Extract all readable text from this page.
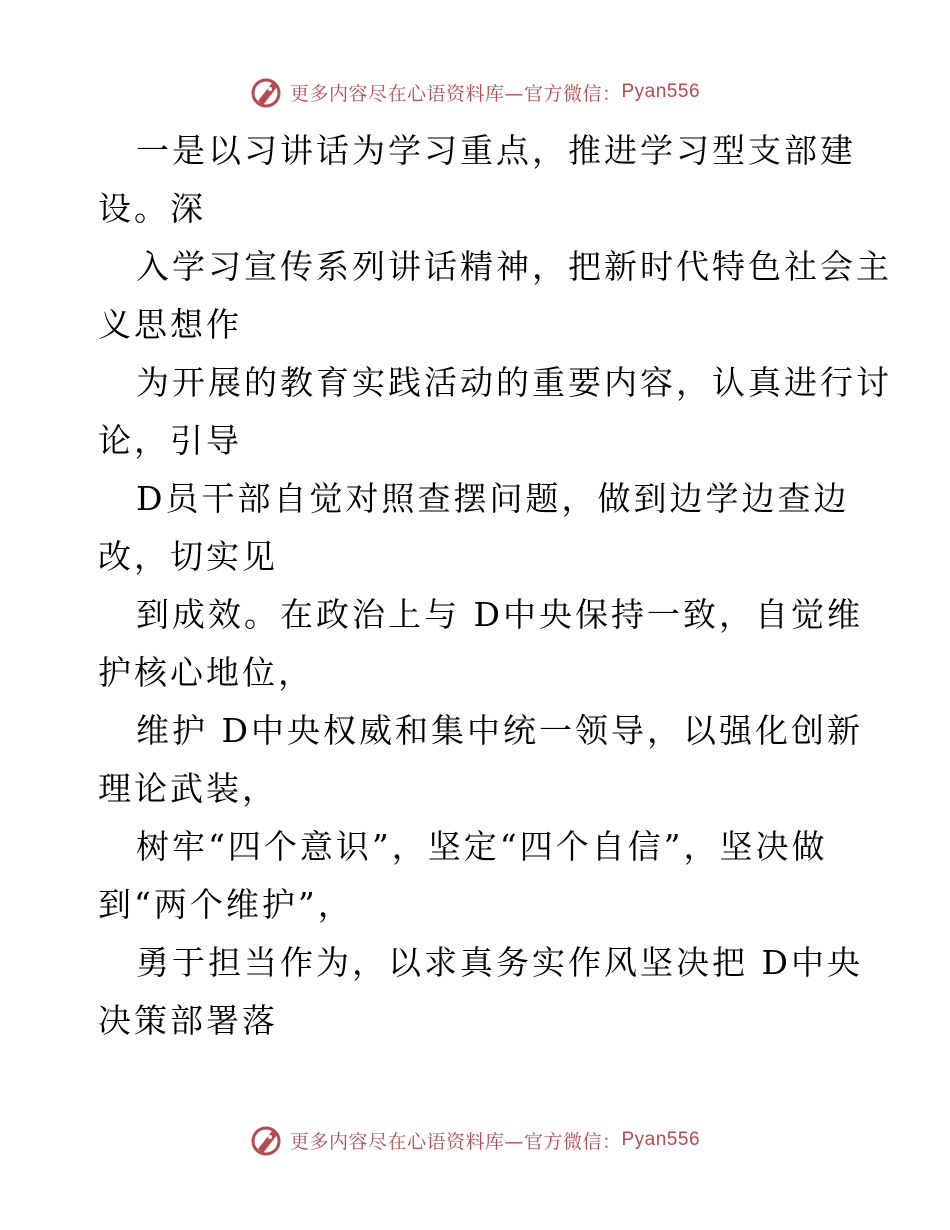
更多内容尽在心语资料库—官方微信： Pyan556
一是以习讲话为学习重点，推进学习型支部建
设。深
入学习宣传系列讲话精神，把新时代特色社会主
义思想作
为开展的教育实践活动的重要内容，认真进行讨
论，引导
D员干部自觉对照查摆问题，做到边学边查边
改，切实见
到成效。在政治上与 D中央保持一致，自觉维
护核心地位，
维护 D中央权威和集中统一领导，以强化创新
理论武装，
树牢“四个意识”，坚定“四个自信”，坚决做
到“两个维护”，
勇于担当作为，以求真务实作风坚决把 D中央
决策部署落
更多内容尽在心语资料库—官方微信： Pyan556
